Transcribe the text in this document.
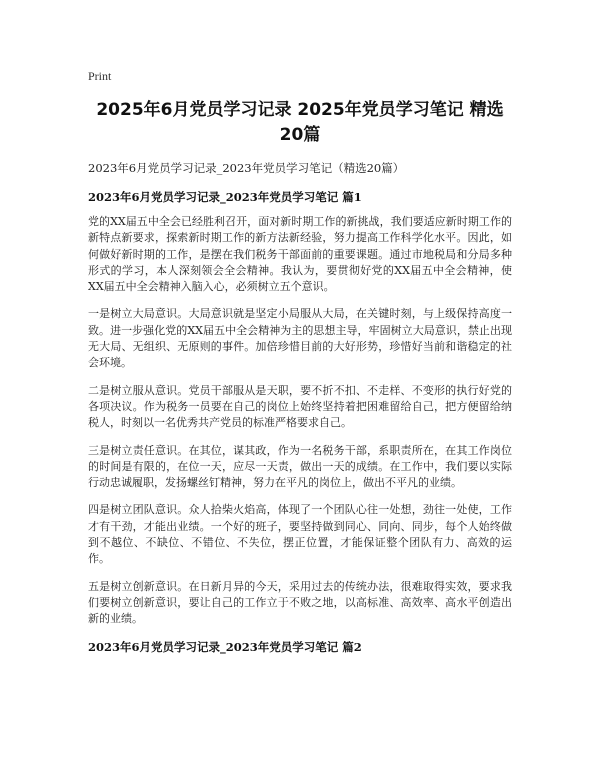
Print
2025年6月党员学习记录 2025年党员学习笔记 精选20篇
2023年6月党员学习记录_2023年党员学习笔记（精选20篇）
2023年6月党员学习记录_2023年党员学习笔记 篇1

党的XX届五中全会已经胜利召开，面对新时期工作的新挑战，我们要适应新时期工作的新特点新要求，探索新时期工作的新方法新经验，努力提高工作科学化水平。因此，如何做好新时期的工作，是摆在我们税务干部面前的重要课题。通过市地税局和分局多种形式的学习，本人深刻领会全会精神。我认为，要贯彻好党的XX届五中全会精神，使XX届五中全会精神入脑入心，必须树立五个意识。

一是树立大局意识。大局意识就是坚定小局服从大局，在关键时刻，与上级保持高度一致。进一步强化党的XX届五中全会精神为主的思想主导，牢固树立大局意识，禁止出现无大局、无组织、无原则的事件。加倍珍惜目前的大好形势，珍惜好当前和谐稳定的社会环境。

二是树立服从意识。党员干部服从是天职，要不折不扣、不走样、不变形的执行好党的各项决议。作为税务一员要在自己的岗位上始终坚持着把困难留给自己，把方便留给纳税人，时刻以一名优秀共产党员的标准严格要求自己。

三是树立责任意识。在其位，谋其政，作为一名税务干部，系职责所在，在其工作岗位的时间是有限的，在位一天，应尽一天责，做出一天的成绩。在工作中，我们要以实际行动忠诚履职，发扬螺丝钉精神，努力在平凡的岗位上，做出不平凡的业绩。

四是树立团队意识。众人拾柴火焰高，体现了一个团队心往一处想，劲往一处使，工作才有干劲，才能出业绩。一个好的班子，要坚持做到同心、同向、同步，每个人始终做到不越位、不缺位、不错位、不失位，摆正位置，才能保证整个团队有力、高效的运作。

五是树立创新意识。在日新月异的今天，采用过去的传统办法，很难取得实效，要求我们要树立创新意识，要让自己的工作立于不败之地，以高标准、高效率、高水平创造出新的业绩。

2023年6月党员学习记录_2023年党员学习笔记 篇2
